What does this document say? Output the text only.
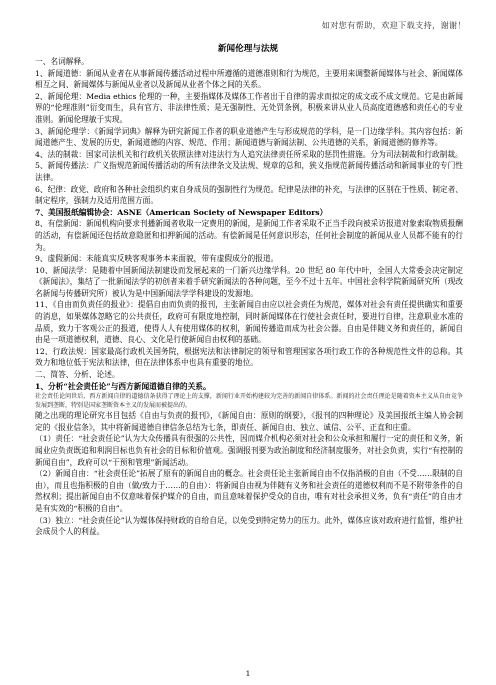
如对您有帮助，欢迎下载支持，谢谢！
新闻伦理与法规

一、名词解释。

1、新闻道德：新闻从业者在从事新闻传播活动过程中所遵循的道德准则和行为规范，主要用来调整新闻媒体与社会、新闻媒体相互之间、新闻媒体与新闻从业者以及新闻从业者个体之间的关系。

2、新闻伦理：Media ethics 伦理的一种，主要指媒体及媒体工作者出于自律的需求而拟定的成文或不成文规范。它是由新闻界的“伦理准则”衍变而生，具有官方、非法律性质；是无强制性、无处罚条例，积极来讲从业人员高度道德感和责任心的专业准则。新闻伦理敏于实现。

3、新闻伦理学：《新闻学词典》解释为研究新闻工作者的职业道德产生与形成规范的学科，是一门边缘学科。其内容包括：新闻道德产生、发展的历史，新闻道德的内容、规范、作用；新闻道德与新闻法制、公共道德的关系，新闻道德的修养等。

4、法的制裁：国家司法机关和行政机关依照法律对违法行为人追究法律责任所采取的惩罚性措施。分为司法制裁和行政制裁。

5、新闻传播法：广义指规范新闻传播活动的所有法律条文及法规、规章的总和，狭义指规范新闻传播活动和新闻事业的专门性法律。

6、纪律：政党、政府和各种社会组织约束自身成员的强制性行为规范。纪律是法律的补充，与法律的区别在于性质、制定者、制定程序，强制力及适用范围方面。

7、美国报纸编辑协会：ASNE（American Society of Newspaper Editors）

8、有偿新闻：新闻机构向要求刊播新闻者收取一定费用的新闻，是新闻工作者采取不正当手段向被采访报道对象索取物质报酬的活动，有偿新闻还包括故意隐匿和扣押新闻的活动。有偿新闻是任何意识形态，任何社会制度的新闻从业人员都不能有的行为。

9、虚假新闻：未能真实反映客观事务本来面貌，带有虚假成分的报道。

10、新闻法学：是随着中国新闻法制建设而发展起来的一门新兴边缘学科。20 世纪 80 年代中叶，全国人大常委会决定制定《新闻法》，集结了一批新闻法学的初创者来着手研究新闻法的各种问题，至今不过十五年。中国社会科学院新闻研究所（现改名新闻与传播研究所）被认为是中国新闻法学学科建设的发源地。

11、《自由而负责任的报业》：提倡自由而负责的报刊，主张新闻自由应以社会责任为规范，媒体对社会有责任提供确实和重要的消息，如果媒体忽略它的公共责任，政府可有限度地控制，同时新闻媒体在行使社会责任时，要进行自律，注意职业水准的品质，致力于客观公正的报道，使得人人有使用媒体的权利，新闻传播造而成为社会公器。自由是伴随义务和责任的，新闻自由是一项道德权利，道德、良心、文化是行使新闻自由权利的基础。

12、行政法规：国家最高行政机关国务院，根据宪法和法律制定的领导和管理国家各项行政工作的各种规范性文件的总称。其效力和地位低于宪法和法律，但在法律体系中也具有重要的地位。

二、简答、分析、论述。

1、分析“社会责任论”与西方新闻道德自律的关系。

社会责任论问世后，西方新闻自律的道德信条获得了理论上的支撑，新闻行业开始构建较为完善的新闻自律体系。新闻的社会责任理论是随着资本主义从自由竞争发展到垄断，特别是国家垄断资本主义的发展而被提出的。

随之出现的理论研究书目包括《自由与负责的报刊》，《新闻自由：原则的纲要》，《报刊的四种理论》及美国报纸主编人协会制定的《报业信条》，其中将新闻道德自律信条总结为七条，即责任、新闻自由、独立、诚信、公平、正直和庄重。

（1）责任：“社会责任论”认为大众传播具有很强的公共性，因而媒介机构必须对社会和公众承担和履行一定的责任和义务，新闻业应负责既追和利润目标也负有社会的目标和价值观。强调报刊要为政治制度和经济制度服务，对社会负责，实行“有控制的新闻自由”，政府可以“干预和管理”新闻活动。

（2）新闻自由：“社会责任论”拓展了原有的新闻自由的概念。社会责任论主张新闻自由不仅指消极的自由（不受……限制的自由），而且也指积极的自由（做/致力于……的自由）：将新闻自由视为伴随有义务和社会责任的道德权利而不是不附带条件的自然权利；提出新闻自由不仅意味着保护媒介的自由，而且意味着保护受众的自由，唯有对社会承担义务，负有“责任”的自由才是有实效的“积极的自由”。

（3）独立：“社会责任论”认为媒体保持财政的自给自足，以免受到特定势力的压力。此外，媒体应该对政府进行监督，维护社会成员个人的利益。

1
